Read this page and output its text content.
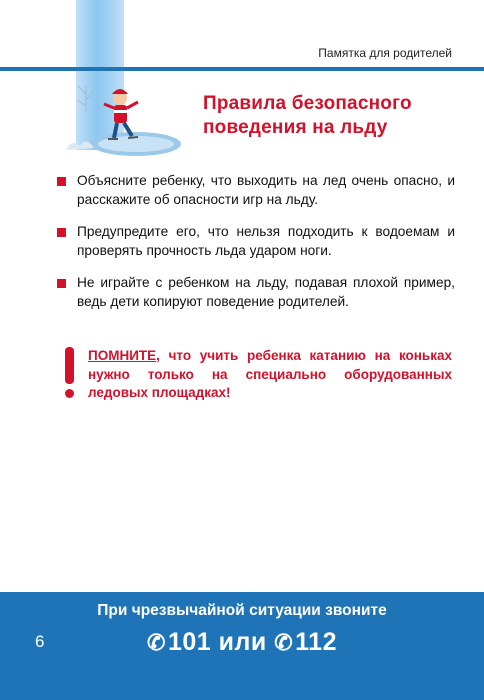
Памятка для родителей
Правила безопасного
поведения на льду
Объясните ребенку, что выходить на лед очень опасно, и расскажите об опасности игр на льду.
Предупредите его, что нельзя подходить к водоемам и проверять прочность льда ударом ноги.
Не играйте с ребенком на льду, подавая плохой пример, ведь дети копируют поведение родителей.
ПОМНИТЕ, что учить ребенка катанию на коньках нужно только на специально оборудованных ледовых площадках!
6
При чрезвычайной ситуации звоните
✆101 или ✆112
